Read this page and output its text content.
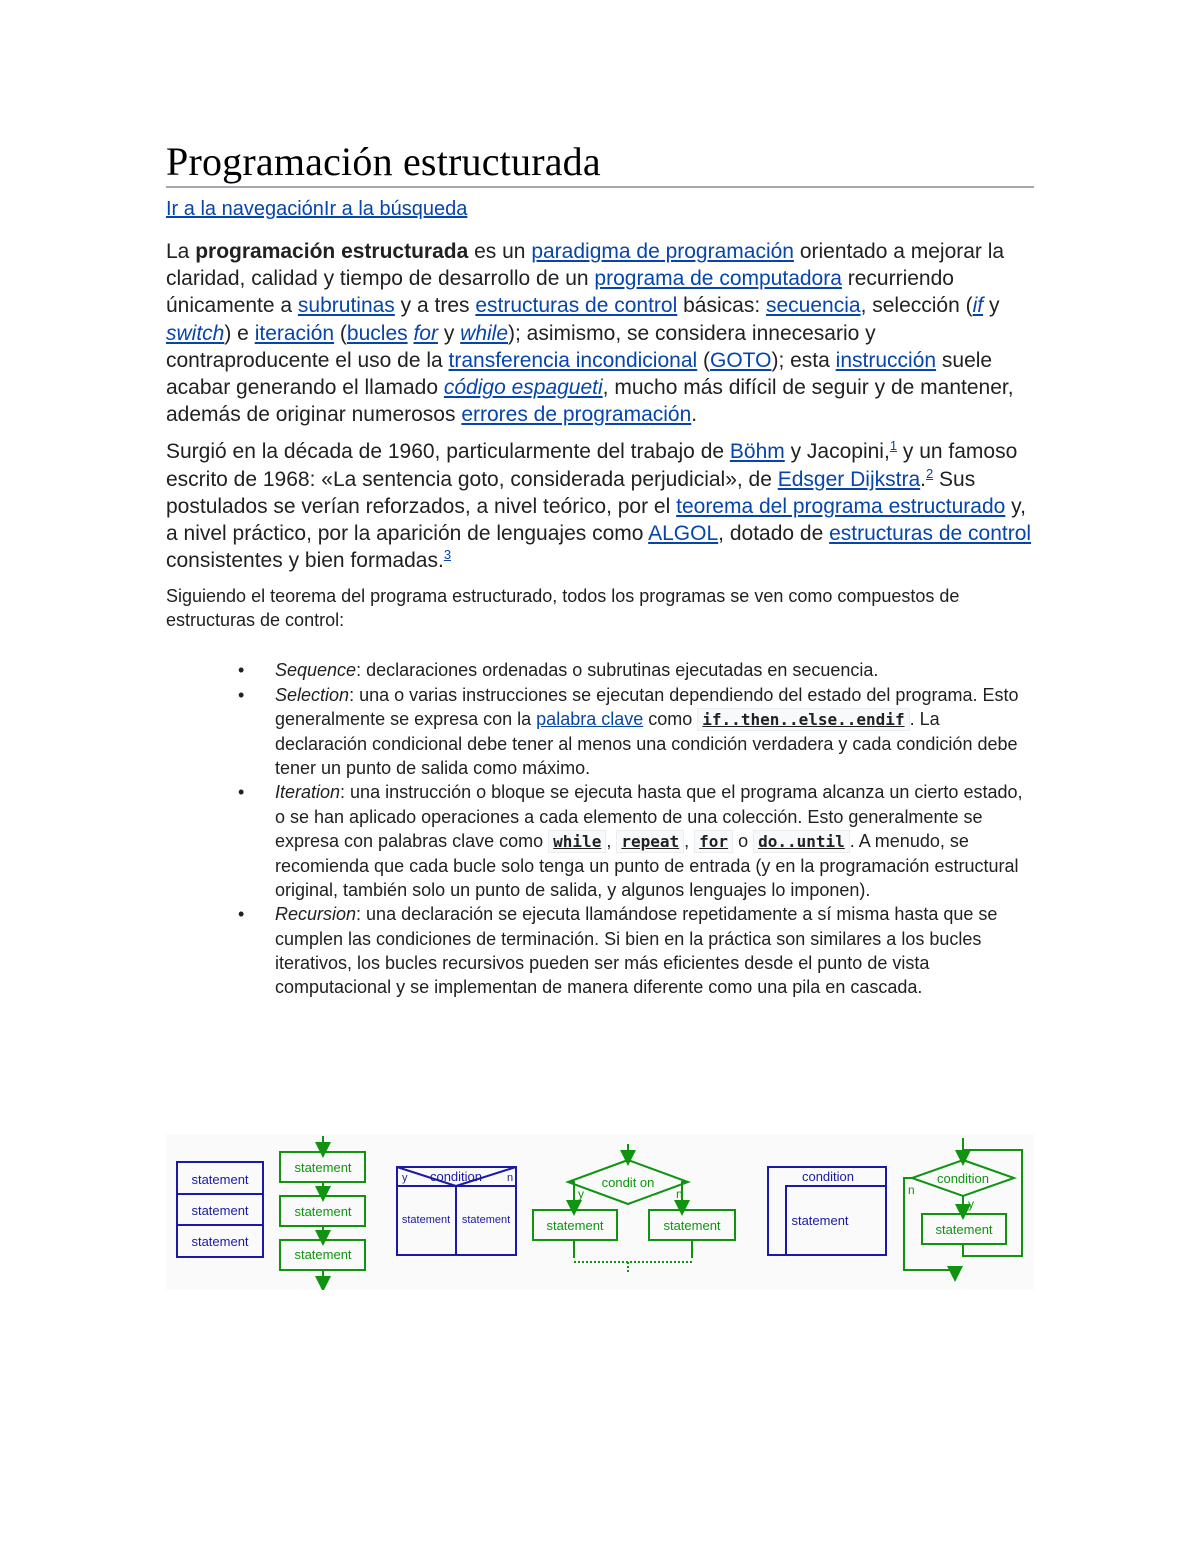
Programación estructurada
Ir a la navegaciónIr a la búsqueda

La programación estructurada es un paradigma de programación orientado a mejorar la claridad, calidad y tiempo de desarrollo de un programa de computadora recurriendo únicamente a subrutinas y a tres estructuras de control básicas: secuencia, selección (if y switch) e iteración (bucles for y while); asimismo, se considera innecesario y contraproducente el uso de la transferencia incondicional (GOTO); esta instrucción suele acabar generando el llamado código espagueti, mucho más difícil de seguir y de mantener, además de originar numerosos errores de programación.

Surgió en la década de 1960, particularmente del trabajo de Böhm y Jacopini,$^1$ y un famoso escrito de 1968: «La sentencia goto, considerada perjudicial», de Edsger Dijkstra.$^2$ Sus postulados se verían reforzados, a nivel teórico, por el teorema del programa estructurado y, a nivel práctico, por la aparición de lenguajes como ALGOL, dotado de estructuras de control consistentes y bien formadas.$^3$

Siguiendo el teorema del programa estructurado, todos los programas se ven como compuestos de estructuras de control:

• Sequence: declaraciones ordenadas o subrutinas ejecutadas en secuencia.
• Selection: una o varias instrucciones se ejecutan dependiendo del estado del programa. Esto generalmente se expresa con la palabra clave como if..then..else..endif . La declaración condicional debe tener al menos una condición verdadera y cada condición debe tener un punto de salida como máximo.
• Iteration: una instrucción o bloque se ejecuta hasta que el programa alcanza un cierto estado, o se han aplicado operaciones a cada elemento de una colección. Esto generalmente se expresa con palabras clave como while , repeat , for o do..until . A menudo, se recomienda que cada bucle solo tenga un punto de entrada (y en la programación estructural original, también solo un punto de salida, y algunos lenguajes lo imponen).
• Recursion: una declaración se ejecuta llamándose repetidamente a sí misma hasta que se cumplen las condiciones de terminación. Si bien en la práctica son similares a los bucles iterativos, los bucles recursivos pueden ser más eficientes desde el punto de vista computacional y se implementan de manera diferente como una pila en cascada.
statement
statement
statement
statement
statement
statement
condition
y	n
statement statement
condit on
y	n
statement	statement
condition
statement
condition
n
y
statement
